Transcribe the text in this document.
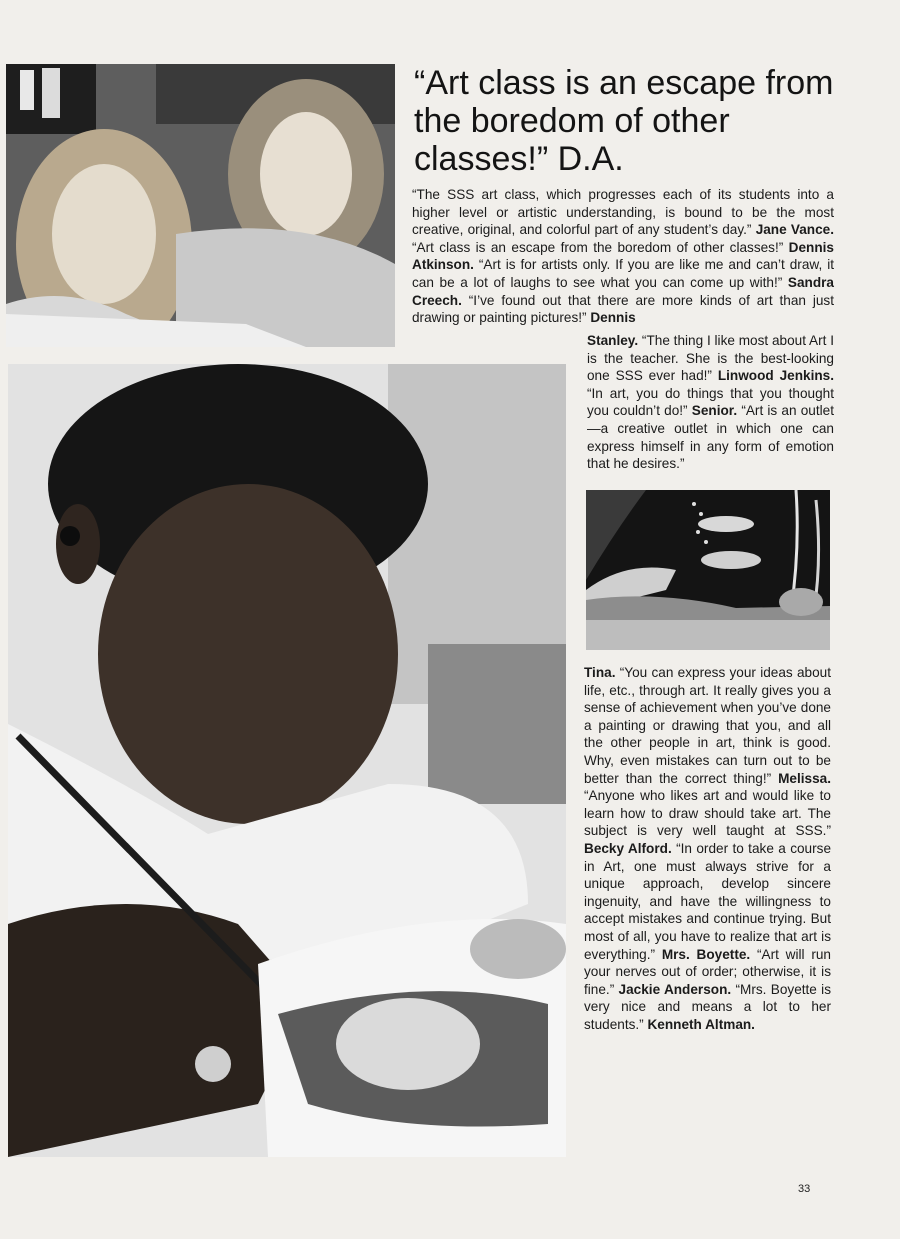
“Art class is an escape from the boredom of other classes!” D.A.
“The SSS art class, which progresses each of its students into a higher level or artistic understanding, is bound to be the most creative, original, and colorful part of any student’s day.” Jane Vance. “Art class is an escape from the boredom of other classes!” Dennis Atkinson. “Art is for artists only. If you are like me and can’t draw, it can be a lot of laughs to see what you can come up with!” Sandra Creech. “I’ve found out that there are more kinds of art than just drawing or painting pictures!” Dennis
Stanley. “The thing I like most about Art I is the teacher. She is the best-looking one SSS ever had!” Linwood Jenkins. “In art, you do things that you thought you couldn’t do!” Senior. “Art is an outlet—a creative outlet in which one can express himself in any form of emotion that he desires.”
Tina. “You can express your ideas about life, etc., through art. It really gives you a sense of achievement when you’ve done a painting or drawing that you, and all the other people in art, think is good. Why, even mistakes can turn out to be better than the correct thing!” Melissa. “Anyone who likes art and would like to learn how to draw should take art. The subject is very well taught at SSS.” Becky Alford. “In order to take a course in Art, one must always strive for a unique approach, develop sincere ingenuity, and have the willingness to accept mistakes and continue trying. But most of all, you have to realize that art is everything.” Mrs. Boyette. “Art will run your nerves out of order; otherwise, it is fine.” Jackie Anderson. “Mrs. Boyette is very nice and means a lot to her students.” Kenneth Altman.
33
